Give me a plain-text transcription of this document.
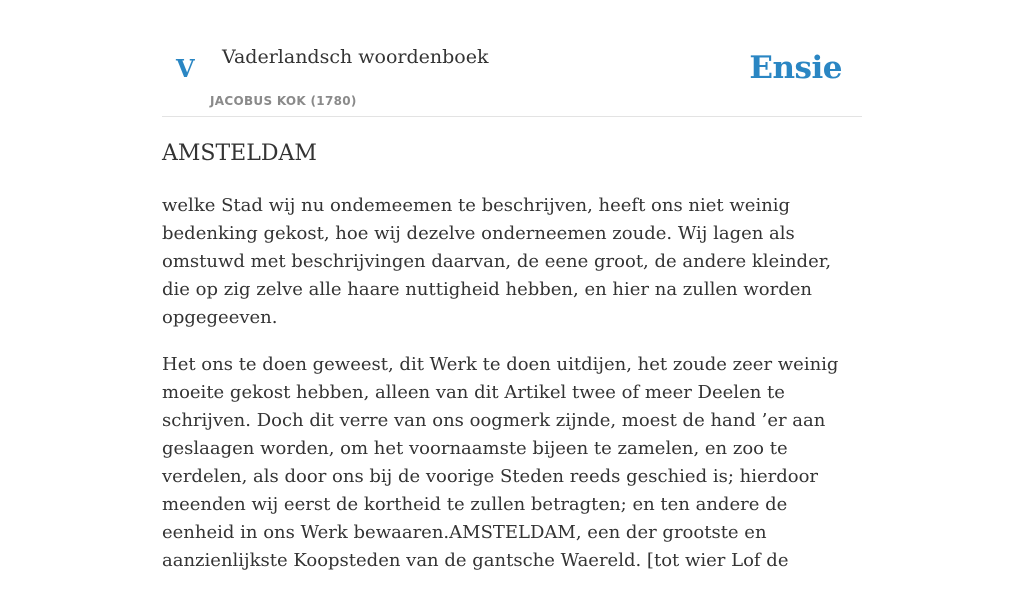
V Vaderlandsch woordenboek
JACOBUS KOK (1780)
Ensie
AMSTELDAM

welke Stad wij nu ondemeemen te beschrijven, heeft ons niet weinig bedenking gekost, hoe wij dezelve onderneemen zoude. Wij lagen als omstuwd met beschrijvingen daarvan, de eene groot, de andere kleinder, die op zig zelve alle haare nuttigheid hebben, en hier na zullen worden opgegeeven.

Het ons te doen geweest, dit Werk te doen uitdijen, het zoude zeer weinig moeite gekost hebben, alleen van dit Artikel twee of meer Deelen te schrijven. Doch dit verre van ons oogmerk zijnde, moest de hand ’er aan geslaagen worden, om het voornaamste bijeen te zamelen, en zoo te verdelen, als door ons bij de voorige Steden reeds geschied is; hierdoor meenden wij eerst de kortheid te zullen betragten; en ten andere de eenheid in ons Werk bewaaren.AMSTELDAM, een der grootste en aanzienlijkste Koopsteden van de gantsche Waereld. [tot wier Lof de
